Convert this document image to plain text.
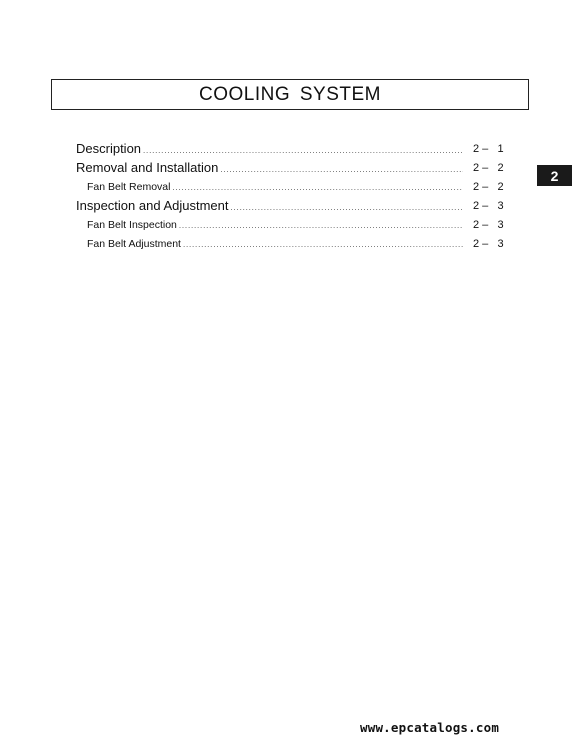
COOLING SYSTEM
2
Description .....	2 –   1
Removal and Installation .....	2 –   2
Fan Belt Removal .....	2 –   2
Inspection and Adjustment .....	2 –   3
Fan Belt Inspection .....	2 –   3
Fan Belt Adjustment .....	2 –   3
www.epcatalogs.com
